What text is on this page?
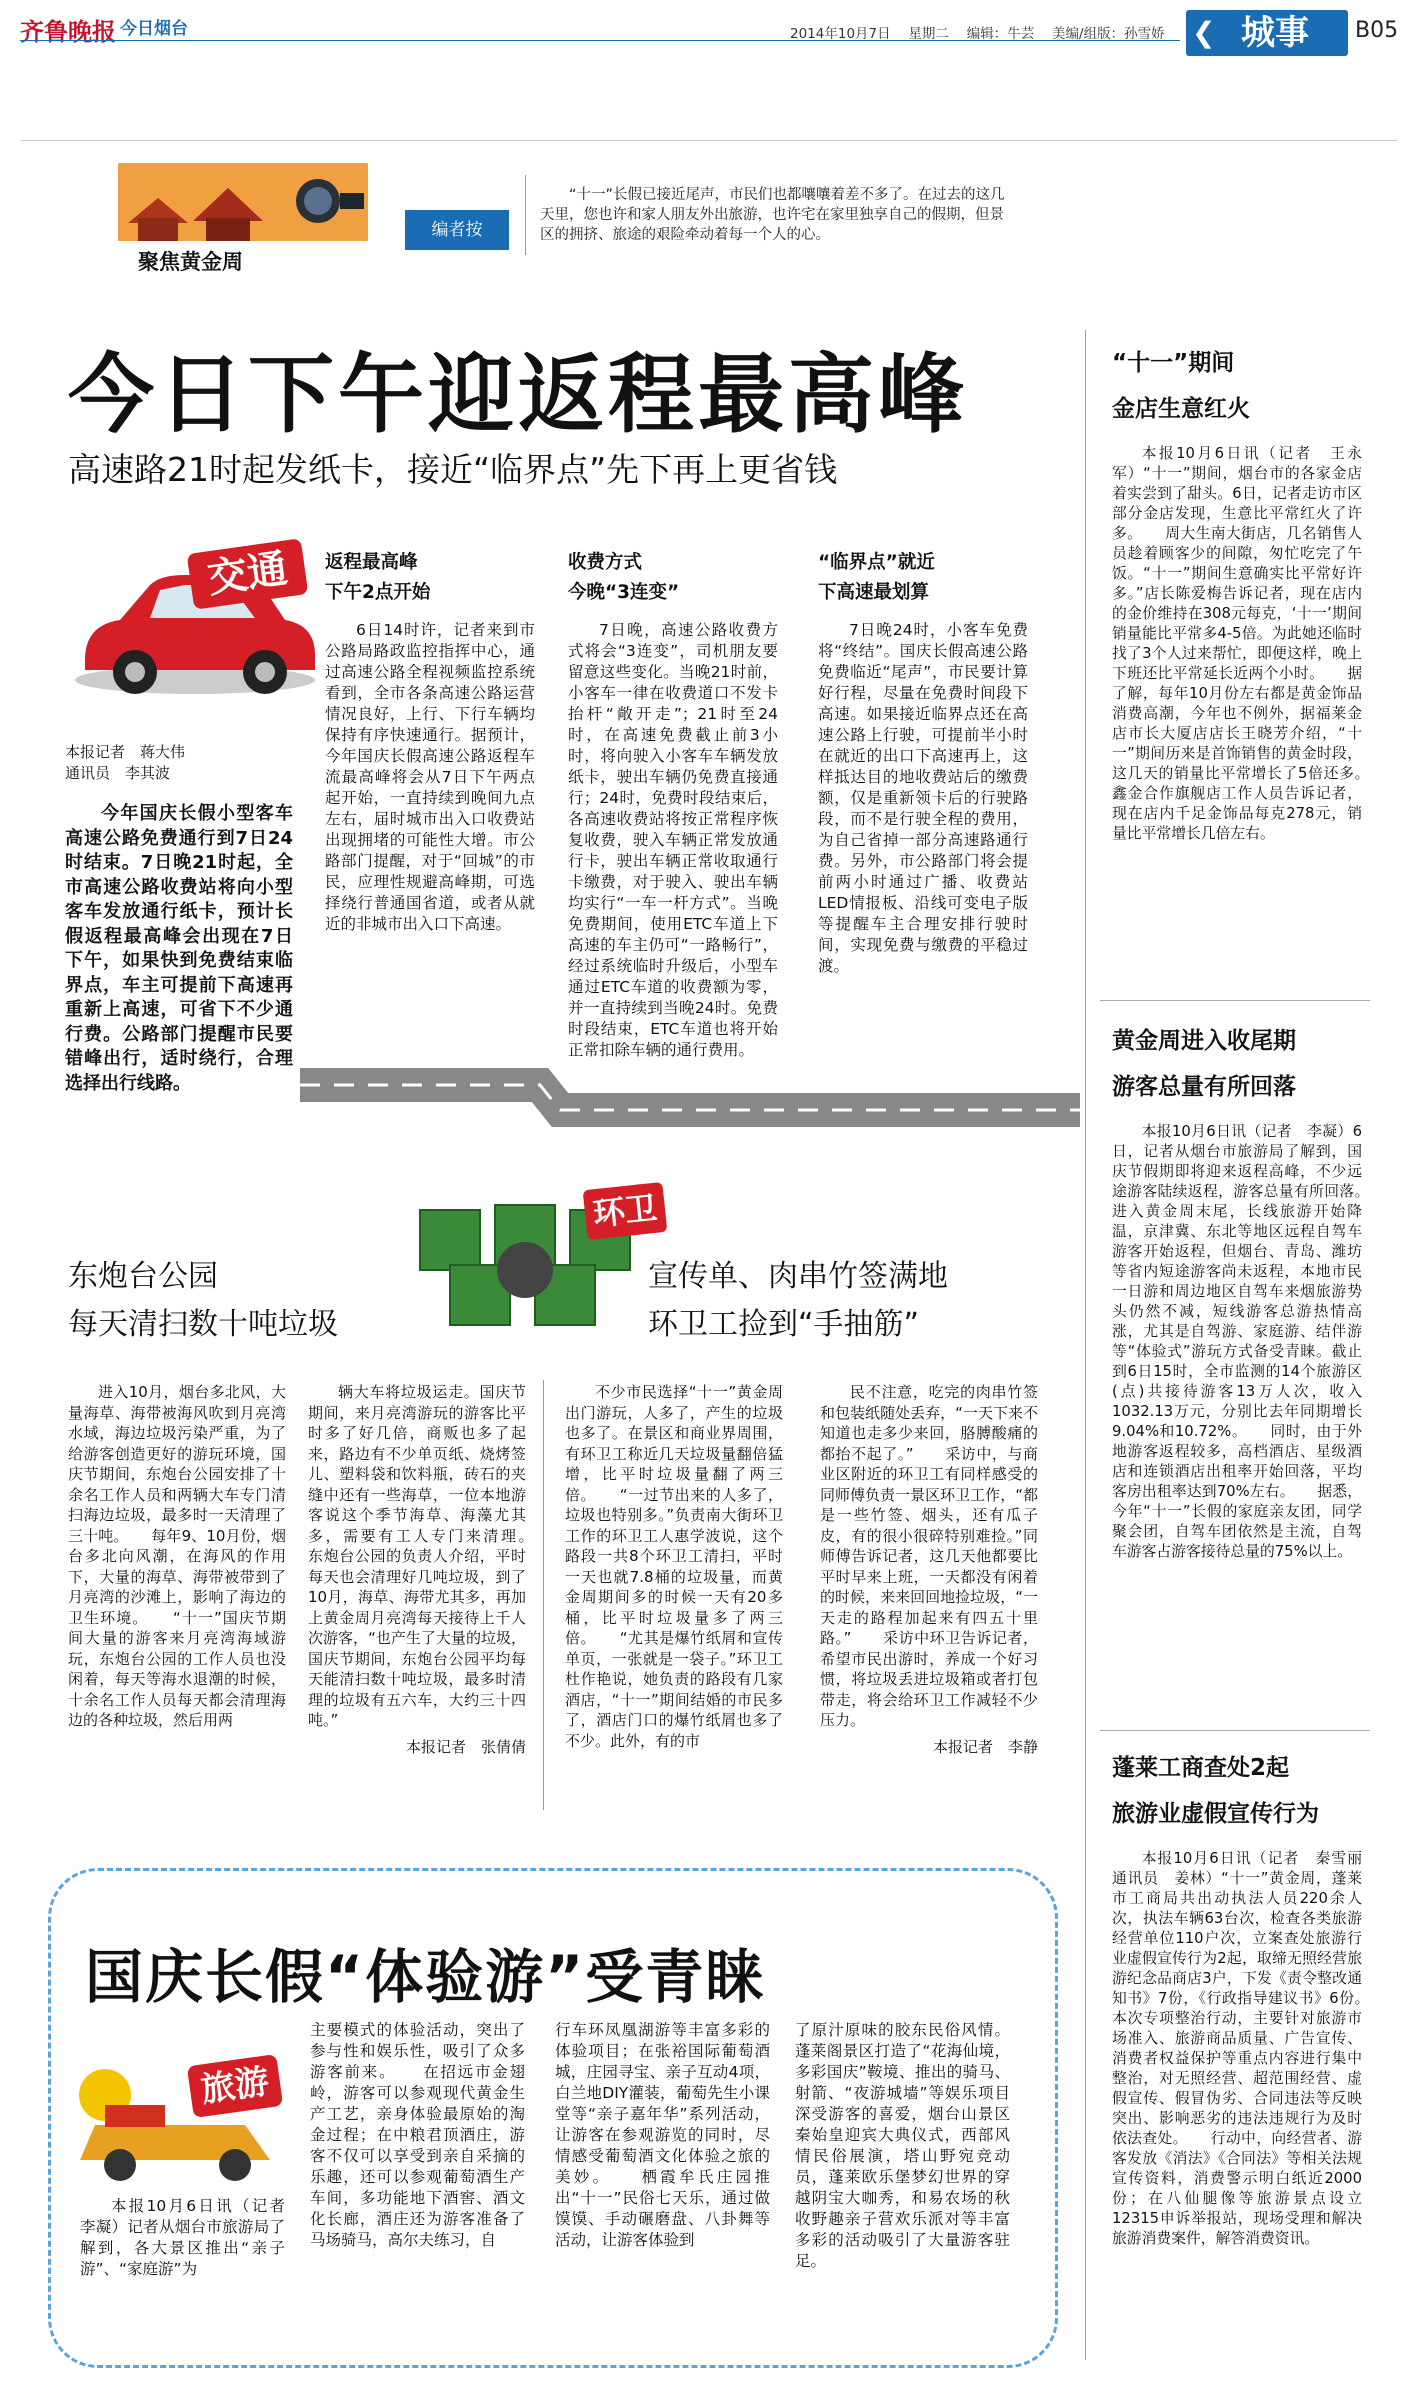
齐鲁晚报 今日烟台	2014年10月7日　 星期二　 编辑：牛芸　 美编/组版：孙雪娇 ❮ 城事 B05
聚焦黄金周
编者按
“十一”长假已接近尾声，市民们也都嚷嚷着差不多了。在过去的这几天里，您也许和家人朋友外出旅游，也许宅在家里独享自己的假期，但景区的拥挤、旅途的艰险牵动着每一个人的心。
今日下午迎返程最高峰
高速路21时起发纸卡，接近“临界点”先下再上更省钱
交通
本报记者　蒋大伟
通讯员　李其波

今年国庆长假小型客车高速公路免费通行到7日24时结束。7日晚21时起，全市高速公路收费站将向小型客车发放通行纸卡，预计长假返程最高峰会出现在7日下午，如果快到免费结束临界点，车主可提前下高速再重新上高速，可省下不少通行费。公路部门提醒市民要错峰出行，适时绕行，合理选择出行线路。

返程最高峰
下午2点开始

6日14时许，记者来到市公路局路政监控指挥中心，通过高速公路全程视频监控系统看到，全市各条高速公路运营情况良好，上行、下行车辆均保持有序快速通行。据预计，今年国庆长假高速公路返程车流最高峰将会从7日下午两点起开始，一直持续到晚间九点左右，届时城市出入口收费站出现拥堵的可能性大增。市公路部门提醒，对于“回城”的市民，应理性规避高峰期，可选择绕行普通国省道，或者从就近的非城市出入口下高速。

收费方式
今晚“3连变”

7日晚，高速公路收费方式将会“3连变”，司机朋友要留意这些变化。当晚21时前，小客车一律在收费道口不发卡抬杆“敞开走”；21时至24时，在高速免费截止前3小时，将向驶入小客车车辆发放纸卡，驶出车辆仍免费直接通行；24时，免费时段结束后，各高速收费站将按正常程序恢复收费，驶入车辆正常发放通行卡，驶出车辆正常收取通行卡缴费，对于驶入、驶出车辆均实行“一车一杆方式”。当晚免费期间，使用ETC车道上下高速的车主仍可“一路畅行”，经过系统临时升级后，小型车通过ETC车道的收费额为零，并一直持续到当晚24时。免费时段结束，ETC车道也将开始正常扣除车辆的通行费用。

“临界点”就近
下高速最划算

7日晚24时，小客车免费将“终结”。国庆长假高速公路免费临近“尾声”，市民要计算好行程，尽量在免费时间段下高速。如果接近临界点还在高速公路上行驶，可提前半小时在就近的出口下高速再上，这样抵达目的地收费站后的缴费额，仅是重新领卡后的行驶路段，而不是行驶全程的费用，为自己省掉一部分高速路通行费。另外，市公路部门将会提前两小时通过广播、收费站LED情报板、沿线可变电子版等提醒车主合理安排行驶时间，实现免费与缴费的平稳过渡。

环卫
东炮台公园
每天清扫数十吨垃圾
宣传单、肉串竹签满地
环卫工捡到“手抽筋”

进入10月，烟台多北风，大量海草、海带被海风吹到月亮湾水域，海边垃圾污染严重，为了给游客创造更好的游玩环境，国庆节期间，东炮台公园安排了十余名工作人员和两辆大车专门清扫海边垃圾，最多时一天清理了三十吨。　　每年9、10月份，烟台多北向风潮，在海风的作用下，大量的海草、海带被带到了月亮湾的沙滩上，影响了海边的卫生环境。　　“十一”国庆节期间大量的游客来月亮湾海域游玩，东炮台公园的工作人员也没闲着，每天等海水退潮的时候，十余名工作人员每天都会清理海边的各种垃圾，然后用两

辆大车将垃圾运走。国庆节期间，来月亮湾游玩的游客比平时多了好几倍，商贩也多了起来，路边有不少单页纸、烧烤签儿、塑料袋和饮料瓶，砖石的夹缝中还有一些海草，一位本地游客说这个季节海草、海藻尤其多，需要有工人专门来清理。　　东炮台公园的负责人介绍，平时每天也会清理好几吨垃圾，到了10月，海草、海带尤其多，再加上黄金周月亮湾每天接待上千人次游客，“也产生了大量的垃圾，国庆节期间，东炮台公园平均每天能清扫数十吨垃圾，最多时清理的垃圾有五六车，大约三十四吨。”

本报记者　张倩倩

不少市民选择“十一”黄金周出门游玩，人多了，产生的垃圾也多了。在景区和商业界周围，有环卫工称近几天垃圾量翻倍猛增，比平时垃圾量翻了两三倍。　　“一过节出来的人多了，垃圾也特别多。”负责南大街环卫工作的环卫工人惠学波说，这个路段一共8个环卫工清扫，平时一天也就7.8桶的垃圾量，而黄金周期间多的时候一天有20多桶，比平时垃圾量多了两三倍。　　“尤其是爆竹纸屑和宣传单页，一张就是一袋子。”环卫工杜作艳说，她负责的路段有几家酒店，“十一”期间结婚的市民多了，酒店门口的爆竹纸屑也多了不少。此外，有的市

民不注意，吃完的肉串竹签和包装纸随处丢弃，“一天下来不知道也走多少来回，胳膊酸痛的都抬不起了。”　　采访中，与商业区附近的环卫工有同样感受的同师傅负责一景区环卫工作，“都是一些竹签、烟头，还有瓜子皮，有的很小很碎特别难捡。”同师傅告诉记者，这几天他都要比平时早来上班，一天都没有闲着的时候，来来回回地捡垃圾，“一天走的路程加起来有四五十里路。”　　采访中环卫告诉记者，希望市民出游时，养成一个好习惯，将垃圾丢进垃圾箱或者打包带走，将会给环卫工作减轻不少压力。

本报记者　李静
国庆长假“体验游”受青睐
旅游

本报10月6日讯（记者　李凝）记者从烟台市旅游局了解到，各大景区推出“亲子游”、“家庭游”为

主要模式的体验活动，突出了参与性和娱乐性，吸引了众多游客前来。　　在招远市金翅岭，游客可以参观现代黄金生产工艺，亲身体验最原始的淘金过程；在中粮君顶酒庄，游客不仅可以享受到亲自采摘的乐趣，还可以参观葡萄酒生产车间，多功能地下酒窖、酒文化长廊，酒庄还为游客准备了马场骑马，高尔夫练习，自

行车环凤凰湖游等丰富多彩的体验项目；在张裕国际葡萄酒城，庄园寻宝、亲子互动4项，白兰地DIY灌装，葡萄先生小课堂等“亲子嘉年华”系列活动，让游客在参观游览的同时，尽情感受葡萄酒文化体验之旅的美妙。　　栖霞牟氏庄园推出“十一”民俗七天乐，通过做馍馍、手动碾磨盘、八卦舞等活动，让游客体验到

了原汁原味的胶东民俗风情。蓬莱阁景区打造了“花海仙境，多彩国庆”鞍境、推出的骑马、射箭、“夜游城墙”等娱乐项目深受游客的喜爱，烟台山景区秦始皇迎宾大典仪式，西部风情民俗展演，塔山野宛竞动员，蓬莱欧乐堡梦幻世界的穿越阴宝大咖秀，和易农场的秋收野趣亲子营欢乐派对等丰富多彩的活动吸引了大量游客驻足。

“十一”期间
金店生意红火

本报10月6日讯（记者　王永军）“十一”期间，烟台市的各家金店着实尝到了甜头。6日，记者走访市区部分金店发现，生意比平常红火了许多。　　周大生南大街店，几名销售人员趁着顾客少的间隙，匆忙吃完了午饭。“十一”期间生意确实比平常好许多。”店长陈爱梅告诉记者，现在店内的金价维持在308元每克，‘十一’期间销量能比平常多4-5倍。为此她还临时找了3个人过来帮忙，即便这样，晚上下班还比平常延长近两个小时。　　据了解，每年10月份左右都是黄金饰品消费高潮，今年也不例外，据福莱金店市长大厦店店长王晓芳介绍，“十一”期间历来是首饰销售的黄金时段，这几天的销量比平常增长了5倍还多。　　鑫金合作旗舰店工作人员告诉记者，现在店内千足金饰品每克278元，销量比平常增长几倍左右。

黄金周进入收尾期
游客总量有所回落

本报10月6日讯（记者　李凝）6日，记者从烟台市旅游局了解到，国庆节假期即将迎来返程高峰，不少远途游客陆续返程，游客总量有所回落。　　进入黄金周末尾，长线旅游开始降温，京津冀、东北等地区远程自驾车游客开始返程，但烟台、青岛、潍坊等省内短途游客尚未返程，本地市民一日游和周边地区自驾车来烟旅游势头仍然不减，短线游客总游热情高涨，尤其是自驾游、家庭游、结伴游等“体验式”游玩方式备受青睐。截止到6日15时，全市监测的14个旅游区(点)共接待游客13万人次，收入1032.13万元，分别比去年同期增长9.04%和10.72%。　　同时，由于外地游客返程较多，高档酒店、星级酒店和连锁酒店出租率开始回落，平均客房出租率达到70%左右。　　据悉，今年“十一”长假的家庭亲友团，同学聚会团，自驾车团依然是主流，自驾车游客占游客接待总量的75%以上。

蓬莱工商查处2起
旅游业虚假宣传行为

本报10月6日讯（记者　秦雪丽　通讯员　姜林）“十一”黄金周，蓬莱市工商局共出动执法人员220余人次，执法车辆63台次，检查各类旅游经营单位110户次，立案查处旅游行业虚假宣传行为2起，取缔无照经营旅游纪念品商店3户，下发《责令整改通知书》7份，《行政指导建议书》6份。　　本次专项整治行动，主要针对旅游市场准入、旅游商品质量、广告宣传、消费者权益保护等重点内容进行集中整治，对无照经营、超范围经营、虚假宣传、假冒伪劣、合同违法等反映突出、影响恶劣的违法违规行为及时依法查处。　　行动中，向经营者、游客发放《消法》《合同法》等相关法规宣传资料，消费警示明白纸近2000份；在八仙腿像等旅游景点设立12315申诉举报站，现场受理和解决旅游消费案件，解答消费资讯。
